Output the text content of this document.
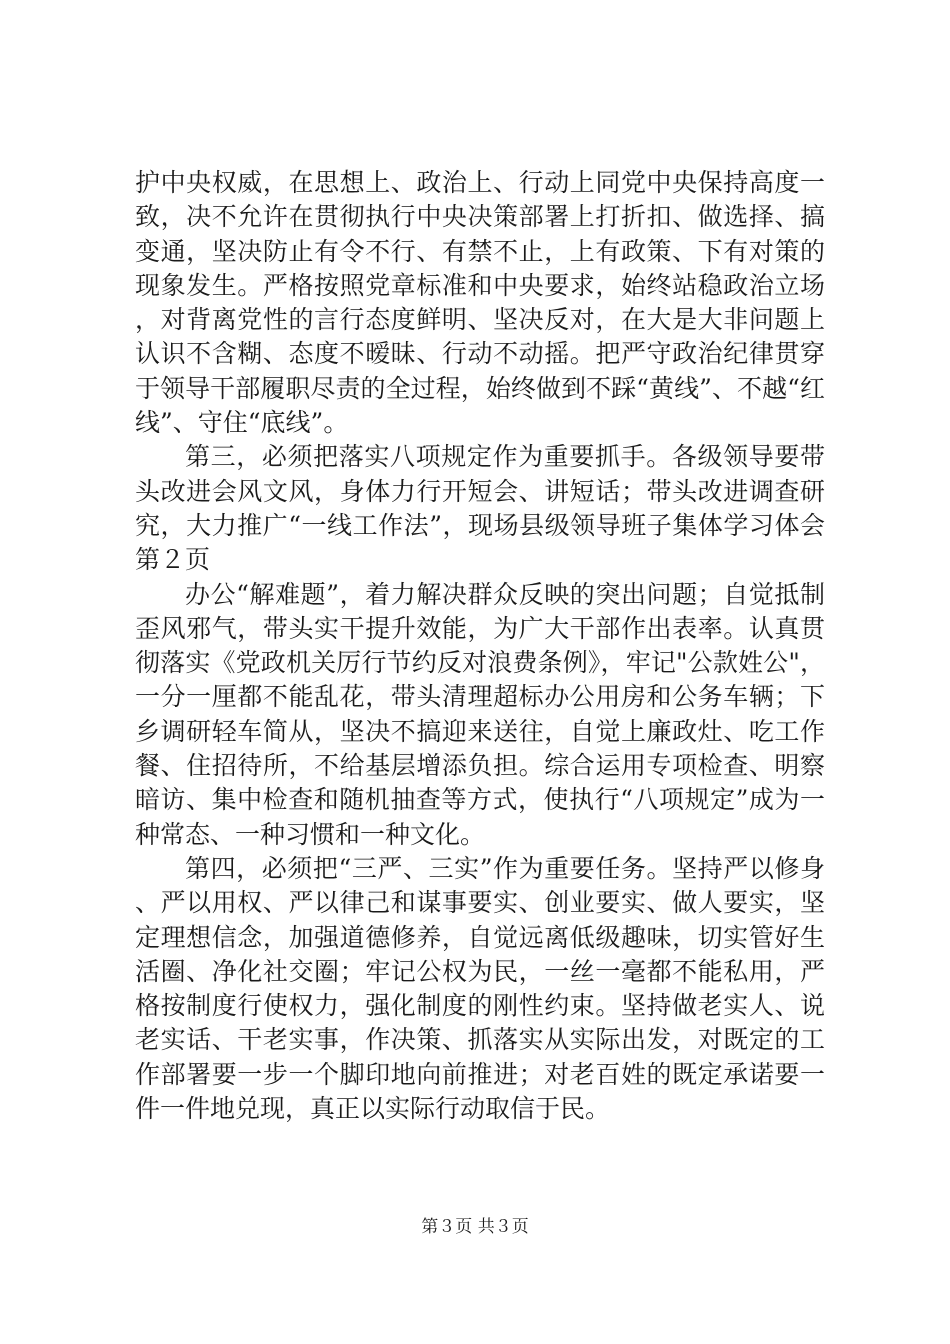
护中央权威，在思想上、政治上、行动上同党中央保持高度一致，决不允许在贯彻执行中央决策部署上打折扣、做选择、搞变通，坚决防止有令不行、有禁不止，上有政策、下有对策的现象发生。严格按照党章标准和中央要求，始终站稳政治立场，对背离党性的言行态度鲜明、坚决反对，在大是大非问题上认识不含糊、态度不暧昧、行动不动摇。把严守政治纪律贯穿于领导干部履职尽责的全过程，始终做到不踩“黄线”、不越“红线”、守住“底线”。

第三，必须把落实八项规定作为重要抓手。各级领导要带头改进会风文风，身体力行开短会、讲短话；带头改进调查研究，大力推广“一线工作法”，现场县级领导班子集体学习体会第２页

办公“解难题”，着力解决群众反映的突出问题；自觉抵制歪风邪气，带头实干提升效能，为广大干部作出表率。认真贯彻落实《党政机关厉行节约反对浪费条例》，牢记"公款姓公"，一分一厘都不能乱花，带头清理超标办公用房和公务车辆；下乡调研轻车简从，坚决不搞迎来送往，自觉上廉政灶、吃工作餐、住招待所，不给基层增添负担。综合运用专项检查、明察暗访、集中检查和随机抽查等方式，使执行“八项规定”成为一种常态、一种习惯和一种文化。

第四，必须把“三严、三实”作为重要任务。坚持严以修身、严以用权、严以律己和谋事要实、创业要实、做人要实，坚定理想信念，加强道德修养，自觉远离低级趣味，切实管好生活圈、净化社交圈；牢记公权为民，一丝一毫都不能私用，严格按制度行使权力，强化制度的刚性约束。坚持做老实人、说老实话、干老实事，作决策、抓落实从实际出发，对既定的工作部署要一步一个脚印地向前推进；对老百姓的既定承诺要一件一件地兑现，真正以实际行动取信于民。

第３页 共３页
